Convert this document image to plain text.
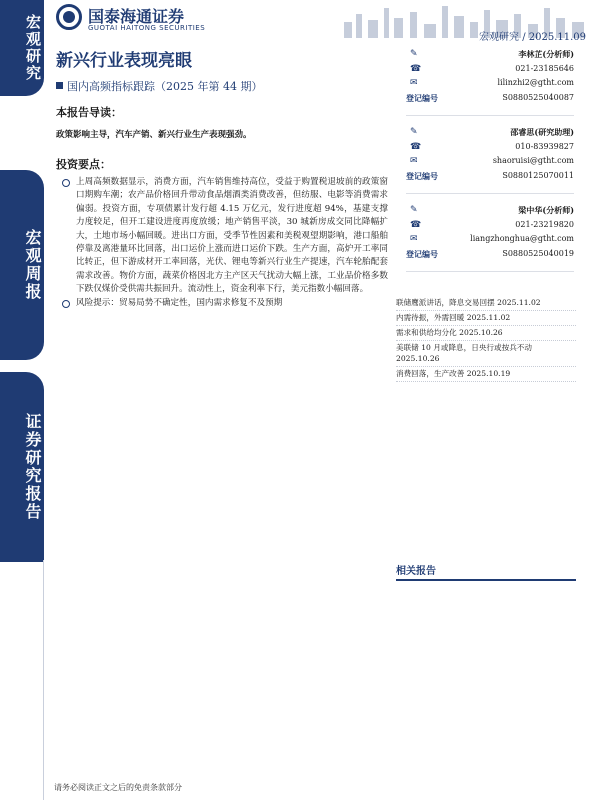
宏观研究
宏观周报
证券研究报告
国泰海通证券
GUOTAI HAITONG SECURITIES
宏观研究 / 2025.11.09
新兴行业表现亮眼
国内高频指标跟踪（2025 年第 44 期）
本报告导读：
政策影响主导，汽车产销、新兴行业生产表现强劲。
投资要点：
上周高频数据显示，消费方面，汽车销售维持高位，受益于购置税退坡前的政策窗口期购车潮；农产品价格回升带动食品烟酒类消费改善，但纺服、电影等消费需求偏弱。投资方面，专项债累计发行超 4.15 万亿元，发行进度超 94%，基建支撑力度较足，但开工建设进度再度放缓；地产销售平淡，30 城新房成交同比降幅扩大，土地市场小幅回暖。进出口方面，受季节性因素和美税观望期影响，港口船舶停靠及离港量环比回落，出口运价上涨而进口运价下跌。生产方面，高炉开工率同比转正，但下游成材开工率回落，光伏、锂电等新兴行业生产提速，汽车轮胎配套需求改善。物价方面，蔬菜价格因北方主产区天气扰动大幅上涨，工业品价格多数下跌仅煤价受供需共振回升。流动性上，资金利率下行，美元指数小幅回落。
风险提示：贸易局势不确定性，国内需求修复不及预期
✎	李林芷(分析师)
☎	021-23185646
✉	lilinzhi2@gtht.com
登记编号	S0880525040087
✎	邵睿思(研究助理)
☎	010-83939827
✉	shaoruisi@gtht.com
登记编号	S0880125070011
✎	梁中华(分析师)
☎	021-23219820
✉	liangzhonghua@gtht.com
登记编号	S0880525040019
联储鹰派讲话，降息交易回摆 2025.11.02
内需待振，外需回暖 2025.11.02
需求和供给均分化 2025.10.26
美联储 10 月或降息，日央行或按兵不动 2025.10.26
消费回落，生产改善 2025.10.19
相关报告
请务必阅读正文之后的免责条款部分
